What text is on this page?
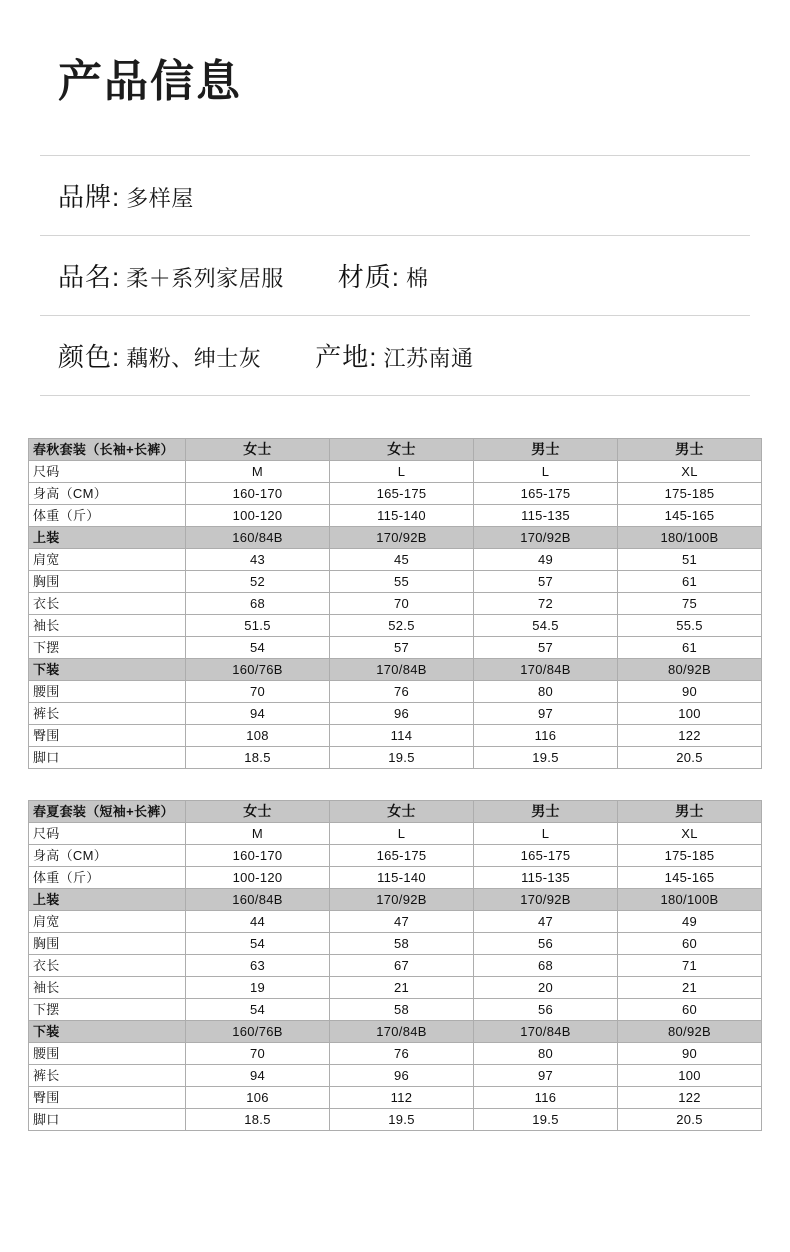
产品信息
品牌: 多样屋
品名: 柔＋系列家居服 材质: 棉
颜色: 藕粉、绅士灰 产地: 江苏南通
春秋套装（长袖+长裤）	女士	女士	男士	男士
尺码	M	L	L	XL
身高（CM）	160-170	165-175	165-175	175-185
体重（斤）	100-120	115-140	115-135	145-165
上装	160/84B	170/92B	170/92B	180/100B
肩宽	43	45	49	51
胸围	52	55	57	61
衣长	68	70	72	75
袖长	51.5	52.5	54.5	55.5
下摆	54	57	57	61
下装	160/76B	170/84B	170/84B	80/92B
腰围	70	76	80	90
裤长	94	96	97	100
臀围	108	114	116	122
脚口	18.5	19.5	19.5	20.5
春夏套装（短袖+长裤）	女士	女士	男士	男士
尺码	M	L	L	XL
身高（CM）	160-170	165-175	165-175	175-185
体重（斤）	100-120	115-140	115-135	145-165
上装	160/84B	170/92B	170/92B	180/100B
肩宽	44	47	47	49
胸围	54	58	56	60
衣长	63	67	68	71
袖长	19	21	20	21
下摆	54	58	56	60
下装	160/76B	170/84B	170/84B	80/92B
腰围	70	76	80	90
裤长	94	96	97	100
臀围	106	112	116	122
脚口	18.5	19.5	19.5	20.5
